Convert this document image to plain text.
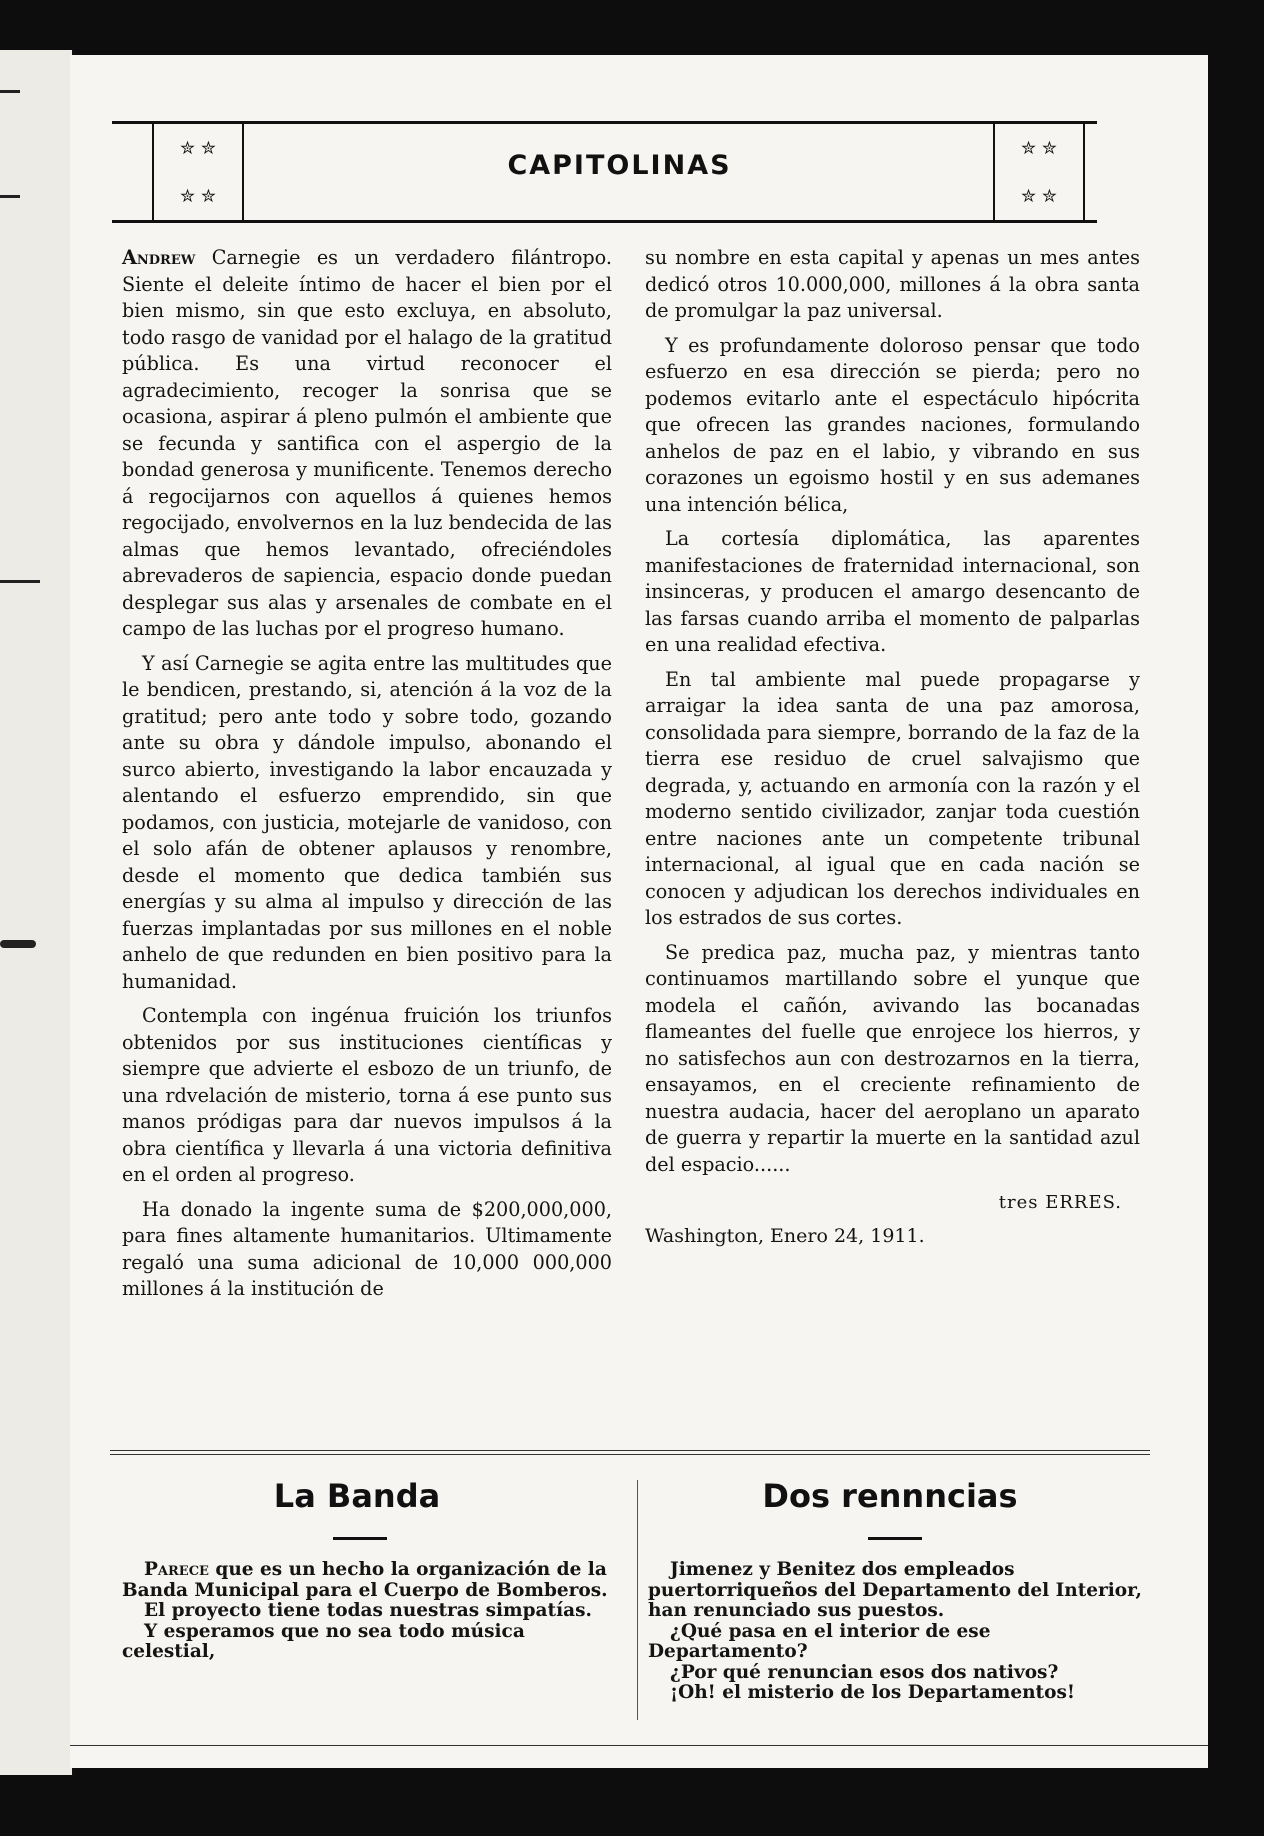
✮ ✮
✮ ✮
CAPITOLINAS
✮ ✮
✮ ✮

Andrew Carnegie es un verdadero filántropo. Siente el deleite íntimo de hacer el bien por el bien mismo, sin que esto excluya, en absoluto, todo rasgo de vanidad por el halago de la gratitud pública. Es una virtud reconocer el agradecimiento, recoger la sonrisa que se ocasiona, aspirar á pleno pulmón el ambiente que se fecunda y santifica con el aspergio de la bondad generosa y munificente. Tenemos derecho á regocijarnos con aquellos á quienes hemos regocijado, envolvernos en la luz bendecida de las almas que hemos levantado, ofreciéndoles abrevaderos de sapiencia, espacio donde puedan desplegar sus alas y arsenales de combate en el campo de las luchas por el progreso humano.

Y así Carnegie se agita entre las multitudes que le bendicen, prestando, si, atención á la voz de la gratitud; pero ante todo y sobre todo, gozando ante su obra y dándole impulso, abonando el surco abierto, investigando la labor encauzada y alentando el esfuerzo emprendido, sin que podamos, con justicia, motejarle de vanidoso, con el solo afán de obtener aplausos y renombre, desde el momento que dedica también sus energías y su alma al impulso y dirección de las fuerzas implantadas por sus millones en el noble anhelo de que redunden en bien positivo para la humanidad.

Contempla con ingénua fruición los triunfos obtenidos por sus instituciones científicas y siempre que advierte el esbozo de un triunfo, de una rdvelación de misterio, torna á ese punto sus manos pródigas para dar nuevos impulsos á la obra científica y llevarla á una victoria definitiva en el orden al progreso.

Ha donado la ingente suma de $200,000,000, para fines altamente humanitarios. Ultimamente regaló una suma adicional de 10,000 000,000 millones á la institución de

su nombre en esta capital y apenas un mes antes dedicó otros 10.000,000, millones á la obra santa de promulgar la paz universal.

Y es profundamente doloroso pensar que todo esfuerzo en esa dirección se pierda; pero no podemos evitarlo ante el espectáculo hipócrita que ofrecen las grandes naciones, formulando anhelos de paz en el labio, y vibrando en sus corazones un egoismo hostil y en sus ademanes una intención bélica,

La cortesía diplomática, las aparentes manifestaciones de fraternidad internacional, son insinceras, y producen el amargo desencanto de las farsas cuando arriba el momento de palparlas en una realidad efectiva.

En tal ambiente mal puede propagarse y arraigar la idea santa de una paz amorosa, consolidada para siempre, borrando de la faz de la tierra ese residuo de cruel salvajismo que degrada, y, actuando en armonía con la razón y el moderno sentido civilizador, zanjar toda cuestión entre naciones ante un competente tribunal internacional, al igual que en cada nación se conocen y adjudican los derechos individuales en los estrados de sus cortes.

Se predica paz, mucha paz, y mientras tanto continuamos martillando sobre el yunque que modela el cañón, avivando las bocanadas flameantes del fuelle que enrojece los hierros, y no satisfechos aun con destrozarnos en la tierra, ensayamos, en el creciente refinamiento de nuestra audacia, hacer del aeroplano un aparato de guerra y repartir la muerte en la santidad azul del espacio......

tres ERRES.
Washington, Enero 24, 1911.
La Banda

Parece que es un hecho la organización de la Banda Municipal para el Cuerpo de Bomberos.

El proyecto tiene todas nuestras simpatías.

Y esperamos que no sea todo música celestial,

Dos rennncias

Jimenez y Benitez dos empleados puertorriqueños del Departamento del Interior, han renunciado sus puestos.

¿Qué pasa en el interior de ese Departamento?

¿Por qué renuncian esos dos nativos?

¡Oh! el misterio de los Departamentos!
